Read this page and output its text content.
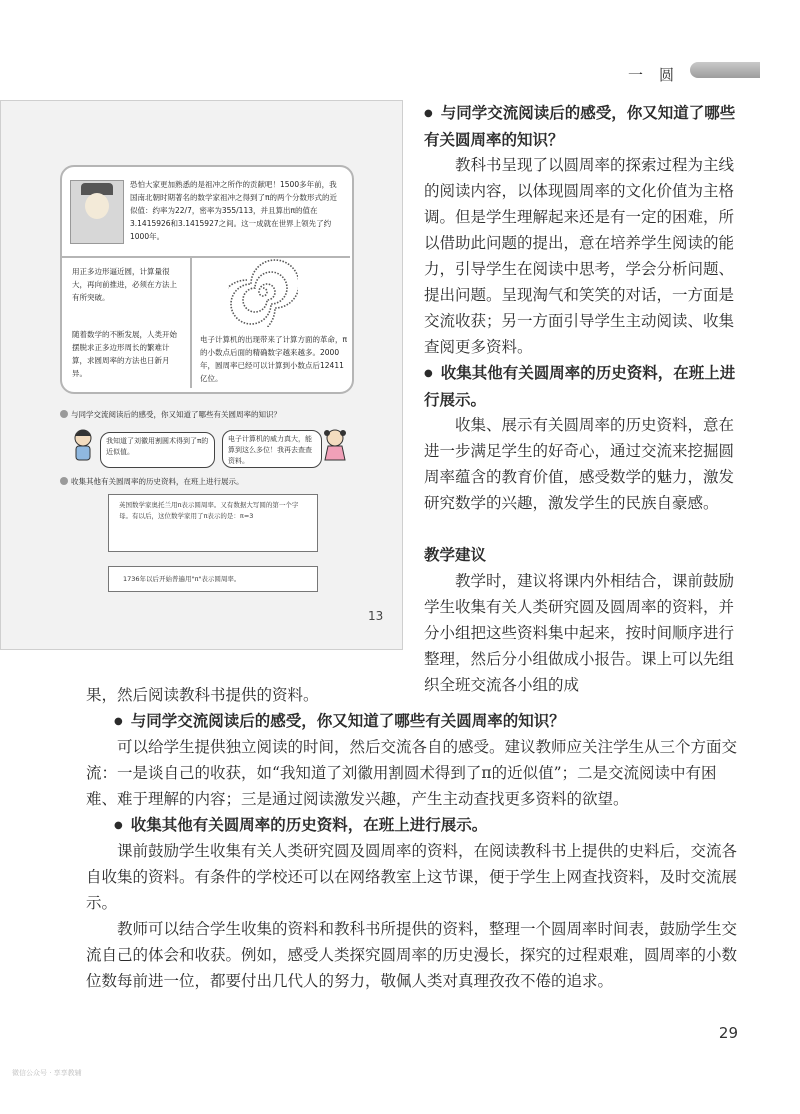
一圆
恐怕大家更加熟悉的是祖冲之所作的贡献吧！1500多年前，我国南北朝时期著名的数学家祖冲之得到了π的两个分数形式的近似值：约率为22/7，密率为355/113，并且算出π的值在3.1415926和3.1415927之间。这一成就在世界上领先了约1000年。
用正多边形逼近圆，计算量很大，再向前推进，必须在方法上有所突破。
随着数学的不断发展，人类开始摆脱求正多边形周长的繁难计算，求圆周率的方法也日新月异。
电子计算机的出现带来了计算方面的革命，π的小数点后面的精确数字越来越多。2000年，圆周率已经可以计算到小数点后12411亿位。
与同学交流阅读后的感受，你又知道了哪些有关圆周率的知识？
我知道了刘徽用割圆术得到了π的近似值。
电子计算机的威力真大，能算到这么多位！我再去查查资料。
收集其他有关圆周率的历史资料，在班上进行展示。
英国数学家奥托兰用π表示圆周率。又有数据大写圆的第一个字母。有以后，这位数学家用了π表示的是：π=3
1736年以后开始普遍用"π"表示圆周率。
13
● 与同学交流阅读后的感受，你又知道了哪些有关圆周率的知识？
教科书呈现了以圆周率的探索过程为主线的阅读内容，以体现圆周率的文化价值为主格调。但是学生理解起来还是有一定的困难，所以借助此问题的提出，意在培养学生阅读的能力，引导学生在阅读中思考，学会分析问题、提出问题。呈现淘气和笑笑的对话，一方面是交流收获；另一方面引导学生主动阅读、收集查阅更多资料。
● 收集其他有关圆周率的历史资料，在班上进行展示。
收集、展示有关圆周率的历史资料，意在进一步满足学生的好奇心，通过交流来挖掘圆周率蕴含的教育价值，感受数学的魅力，激发研究数学的兴趣，激发学生的民族自豪感。
教学建议
教学时，建议将课内外相结合，课前鼓励学生收集有关人类研究圆及圆周率的资料，并分小组把这些资料集中起来，按时间顺序进行整理，然后分小组做成小报告。课上可以先组织全班交流各小组的成
果，然后阅读教科书提供的资料。
● 与同学交流阅读后的感受，你又知道了哪些有关圆周率的知识？
可以给学生提供独立阅读的时间，然后交流各自的感受。建议教师应关注学生从三个方面交流：一是谈自己的收获，如“我知道了刘徽用割圆术得到了π的近似值”；二是交流阅读中有困难、难于理解的内容；三是通过阅读激发兴趣，产生主动查找更多资料的欲望。
● 收集其他有关圆周率的历史资料，在班上进行展示。
课前鼓励学生收集有关人类研究圆及圆周率的资料，在阅读教科书上提供的史料后，交流各自收集的资料。有条件的学校还可以在网络教室上这节课，便于学生上网查找资料，及时交流展示。
教师可以结合学生收集的资料和教科书所提供的资料，整理一个圆周率时间表，鼓励学生交流自己的体会和收获。例如，感受人类探究圆周率的历史漫长，探究的过程艰难，圆周率的小数位数每前进一位，都要付出几代人的努力，敬佩人类对真理孜孜不倦的追求。
29
微信公众号 · 享享教辅
